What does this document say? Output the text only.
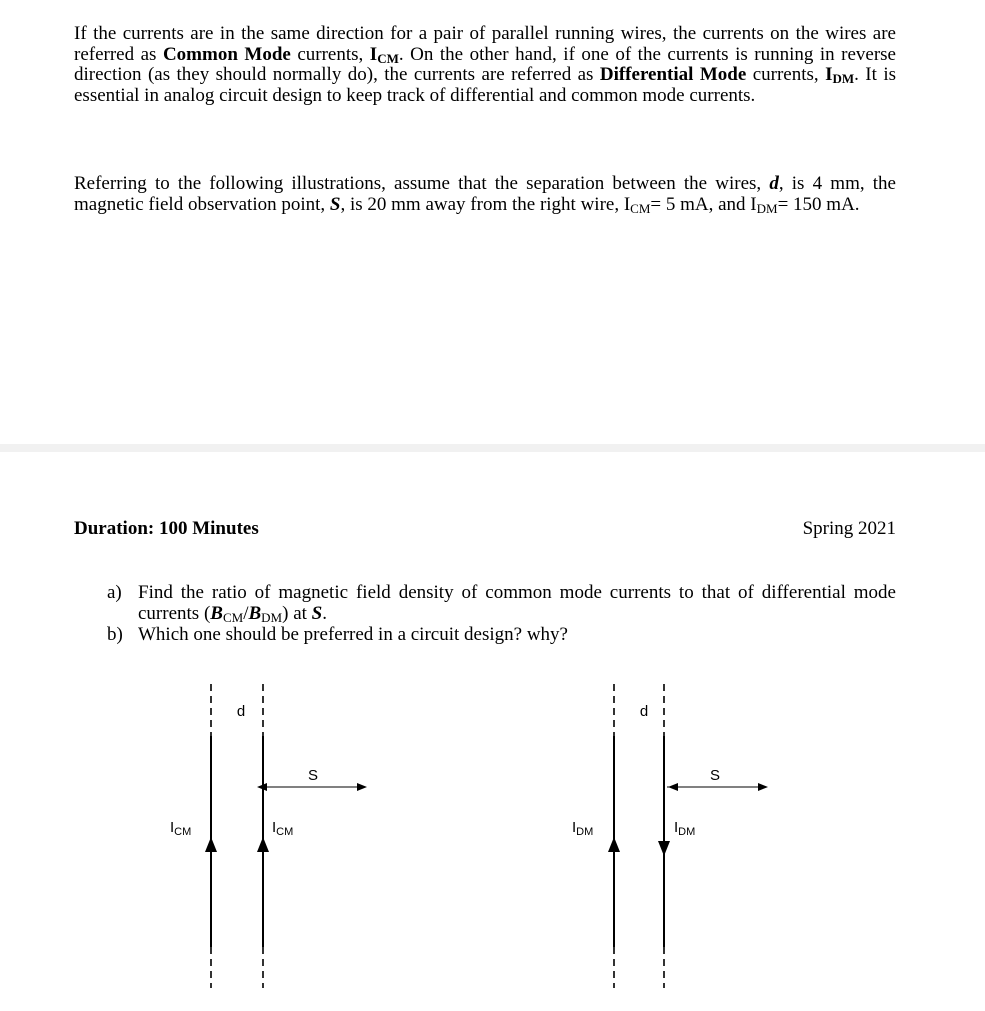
If the currents are in the same direction for a pair of parallel running wires, the currents on the wires are referred as Common Mode currents, $I_{CM}$. On the other hand, if one of the currents is running in reverse direction (as they should normally do), the currents are referred as Differential Mode currents, $I_{DM}$. It is essential in analog circuit design to keep track of differential and common mode currents.

Referring to the following illustrations, assume that the separation between the wires, d, is 4 mm, the magnetic field observation point, S, is 20 mm away from the right wire, $I_{CM}= 5$ mA, and $I_{DM}= 150$ mA.

Duration: 100 Minutes	Spring 2021
a) Find the ratio of magnetic field density of common mode currents to that of differential mode currents $(B_{CM}/B_{DM})$ at S.
b) Which one should be preferred in a circuit design? why?
d
S
$I_{CM}$	$I_{CM}$
d
S
$I_{DM}$	$I_{DM}$
